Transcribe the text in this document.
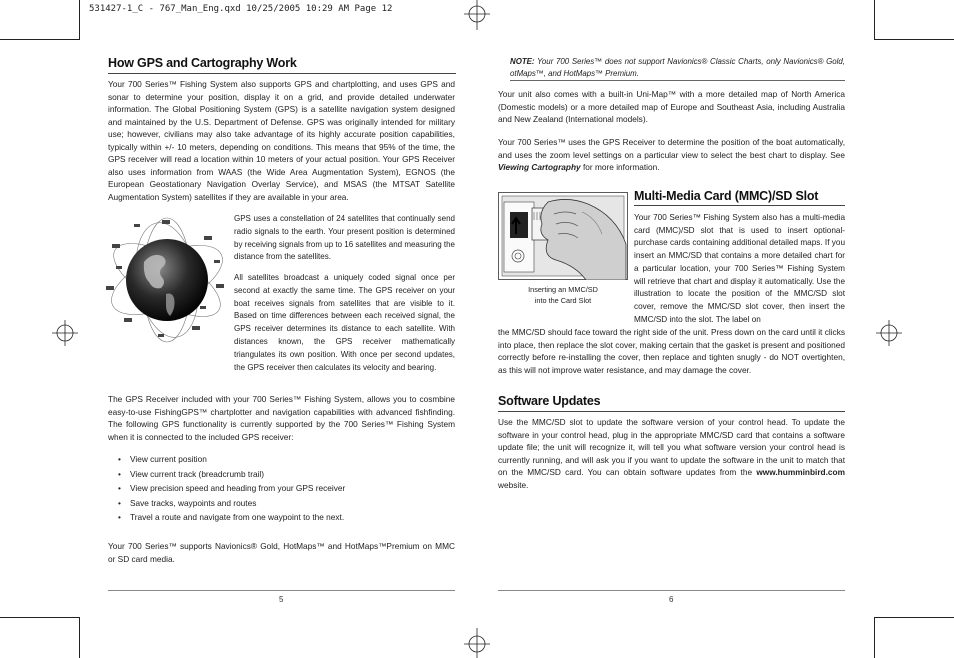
531427-1_C - 767_Man_Eng.qxd 10/25/2005 10:29 AM Page 12
How GPS and Cartography Work

Your 700 Series™ Fishing System also supports GPS and chartplotting, and uses GPS and sonar to determine your position, display it on a grid, and provide detailed underwater information. The Global Positioning System (GPS) is a satellite navigation system designed and maintained by the U.S. Department of Defense. GPS was originally intended for military use; however, civilians may also take advantage of its highly accurate position capabilities, typically within +/- 10 meters, depending on conditions. This means that 95% of the time, the GPS receiver will read a location within 10 meters of your actual position. Your GPS Receiver also uses information from WAAS (the Wide Area Augmentation System), EGNOS (the European Geostationary Navigation Overlay Service), and MSAS (the MTSAT Satellite Augmentation System) satellites if they are available in your area.

GPS uses a constellation of 24 satellites that continually send radio signals to the earth. Your present position is determined by receiving signals from up to 16 satellites and measuring the distance from the satellites.

All satellites broadcast a uniquely coded signal once per second at exactly the same time. The GPS receiver on your boat receives signals from satellites that are visible to it. Based on time differences between each received signal, the GPS receiver determines its distance to each satellite. With distances known, the GPS receiver mathematically triangulates its own position. With once per second updates, the GPS receiver then calculates its velocity and bearing.

The GPS Receiver included with your 700 Series™ Fishing System, allows you to cosmbine easy-to-use FishingGPS™ chartplotter and navigation capabilities with advanced fishfinding. The following GPS functionality is currently supported by the 700 Series™ Fishing System when it is connected to the included GPS receiver:

• View current position
• View current track (breadcrumb trail)
• View precision speed and heading from your GPS receiver
• Save tracks, waypoints and routes
• Travel a route and navigate from one waypoint to the next.

Your 700 Series™ supports Navionics® Gold, HotMaps™ and HotMaps™Premium on MMC or SD card media.

5

NOTE: Your 700 Series™ does not support Navionics® Classic Charts, only Navionics® Gold, otMaps™, and HotMaps™ Premium.

Your unit also comes with a built-in Uni-Map™ with a more detailed map of North America (Domestic models) or a more detailed map of Europe and Southeast Asia, including Australia and New Zealand (International models).

Your 700 Series™ uses the GPS Receiver to determine the position of the boat automatically, and uses the zoom level settings on a particular view to select the best chart to display. See Viewing Cartography for more information.

Inserting an MMC/SD
into the Card Slot
Multi-Media Card (MMC)/SD Slot

Your 700 Series™ Fishing System also has a multi-media card (MMC)/SD slot that is used to insert optional-purchase cards containing additional detailed maps. If you insert an MMC/SD that contains a more detailed chart for a particular location, your 700 Series™ Fishing System will retrieve that chart and display it automatically. Use the illustration to locate the position of the MMC/SD slot cover, remove the MMC/SD slot cover, then insert the MMC/SD into the slot. The label on

the MMC/SD should face toward the right side of the unit. Press down on the card until it clicks into place, then replace the slot cover, making certain that the gasket is present and positioned correctly before re-installing the cover, then replace and tighten snugly - do NOT overtighten, as this will not improve water resistance, and may damage the cover.

Software Updates

Use the MMC/SD slot to update the software version of your control head. To update the software in your control head, plug in the appropriate MMC/SD card that contains a software update file; the unit will recognize it, will tell you what software version your control head is currently running, and will ask you if you want to update the software in the unit to match that on the MMC/SD card. You can obtain software updates from the www.humminbird.com website.

6
